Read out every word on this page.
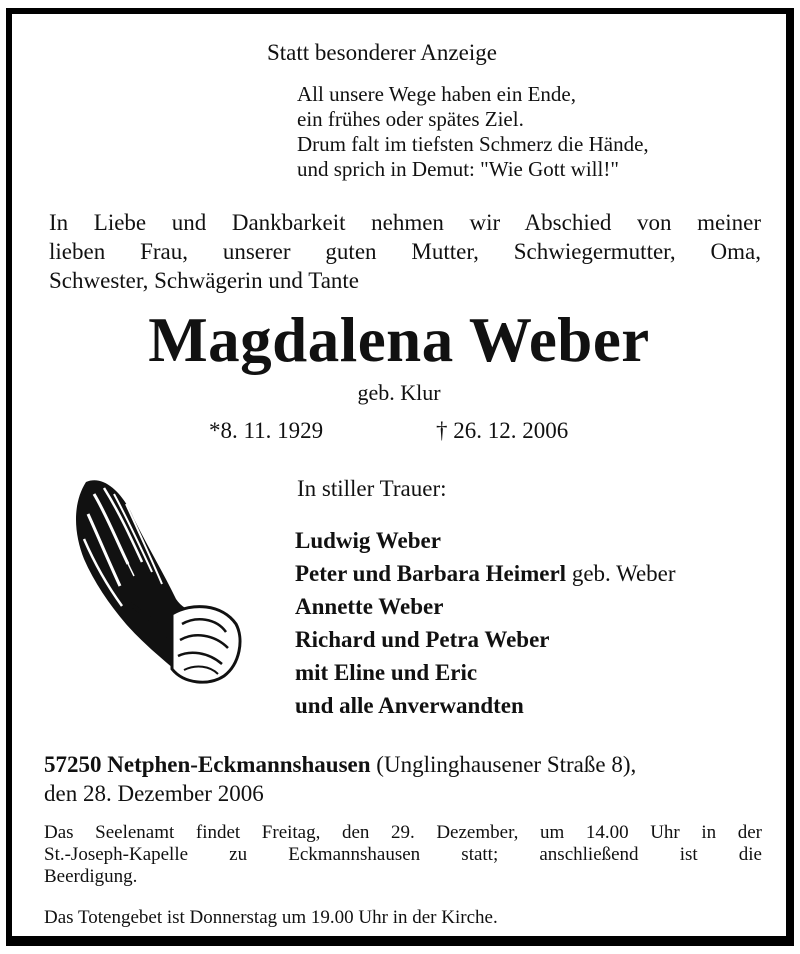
Statt besonderer Anzeige
All unsere Wege haben ein Ende,
ein frühes oder spätes Ziel.
Drum falt im tiefsten Schmerz die Hände,
und sprich in Demut: "Wie Gott will!"
In Liebe und Dankbarkeit nehmen wir Abschied von meiner
lieben Frau, unserer guten Mutter, Schwiegermutter, Oma,
Schwester, Schwägerin und Tante
Magdalena Weber
geb. Klur
*8. 11. 1929	† 26. 12. 2006
In stiller Trauer:
Ludwig Weber
Peter und Barbara Heimerl geb. Weber
Annette Weber
Richard und Petra Weber
mit Eline und Eric
und alle Anverwandten
57250 Netphen-Eckmannshausen (Unglinghausener Straße 8),
den 28. Dezember 2006
Das Seelenamt findet Freitag, den 29. Dezember, um 14.00 Uhr in der
St.-Joseph-Kapelle zu Eckmannshausen statt; anschließend ist die
Beerdigung.
Das Totengebet ist Donnerstag um 19.00 Uhr in der Kirche.
